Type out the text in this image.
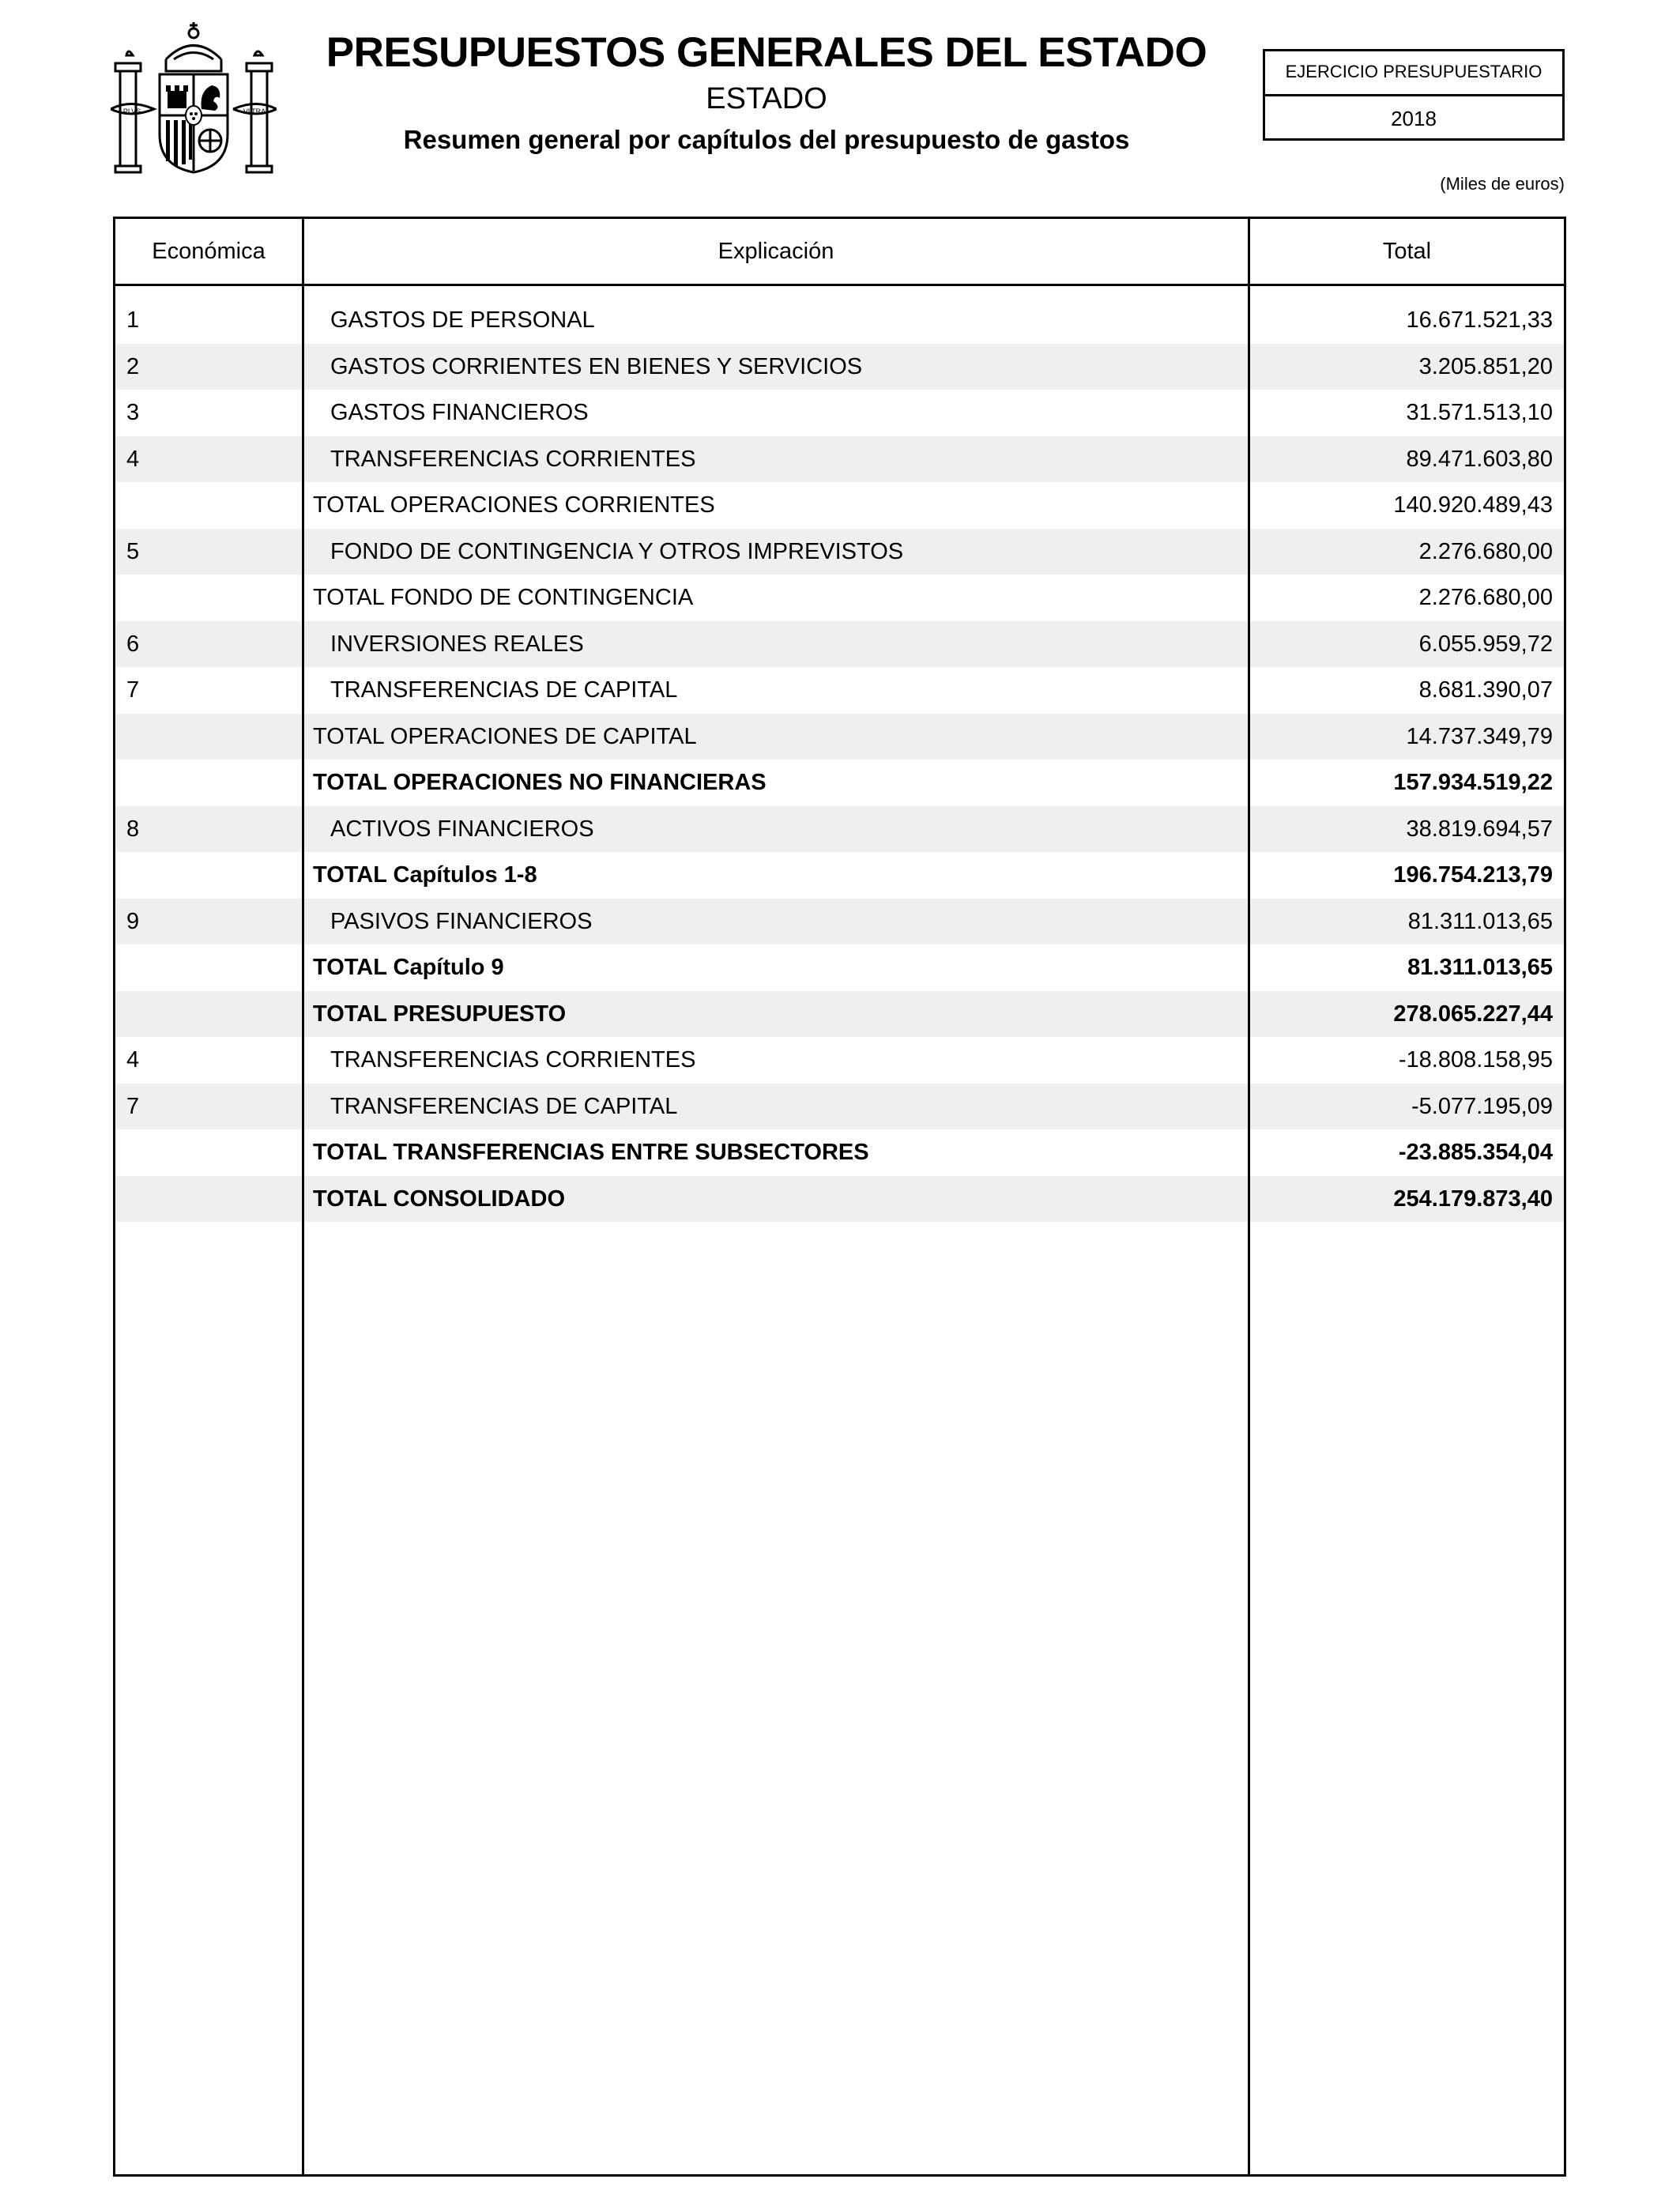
PLVS	VLTRA
PRESUPUESTOS GENERALES DEL ESTADO
ESTADO
Resumen general por capítulos del presupuesto de gastos
EJERCICIO PRESUPUESTARIO
2018
(Miles de euros)
Económica	Explicación	Total
1	GASTOS DE PERSONAL	16.671.521,33
2	GASTOS CORRIENTES EN BIENES Y SERVICIOS	3.205.851,20
3	GASTOS FINANCIEROS	31.571.513,10
4	TRANSFERENCIAS CORRIENTES	89.471.603,80
TOTAL OPERACIONES CORRIENTES	140.920.489,43
5	FONDO DE CONTINGENCIA Y OTROS IMPREVISTOS	2.276.680,00
TOTAL FONDO DE CONTINGENCIA	2.276.680,00
6	INVERSIONES REALES	6.055.959,72
7	TRANSFERENCIAS DE CAPITAL	8.681.390,07
TOTAL OPERACIONES DE CAPITAL	14.737.349,79
TOTAL OPERACIONES NO FINANCIERAS	157.934.519,22
8	ACTIVOS FINANCIEROS	38.819.694,57
TOTAL Capítulos 1-8	196.754.213,79
9	PASIVOS FINANCIEROS	81.311.013,65
TOTAL Capítulo 9	81.311.013,65
TOTAL PRESUPUESTO	278.065.227,44
4	TRANSFERENCIAS CORRIENTES	-18.808.158,95
7	TRANSFERENCIAS DE CAPITAL	-5.077.195,09
TOTAL TRANSFERENCIAS ENTRE SUBSECTORES	-23.885.354,04
TOTAL CONSOLIDADO	254.179.873,40
